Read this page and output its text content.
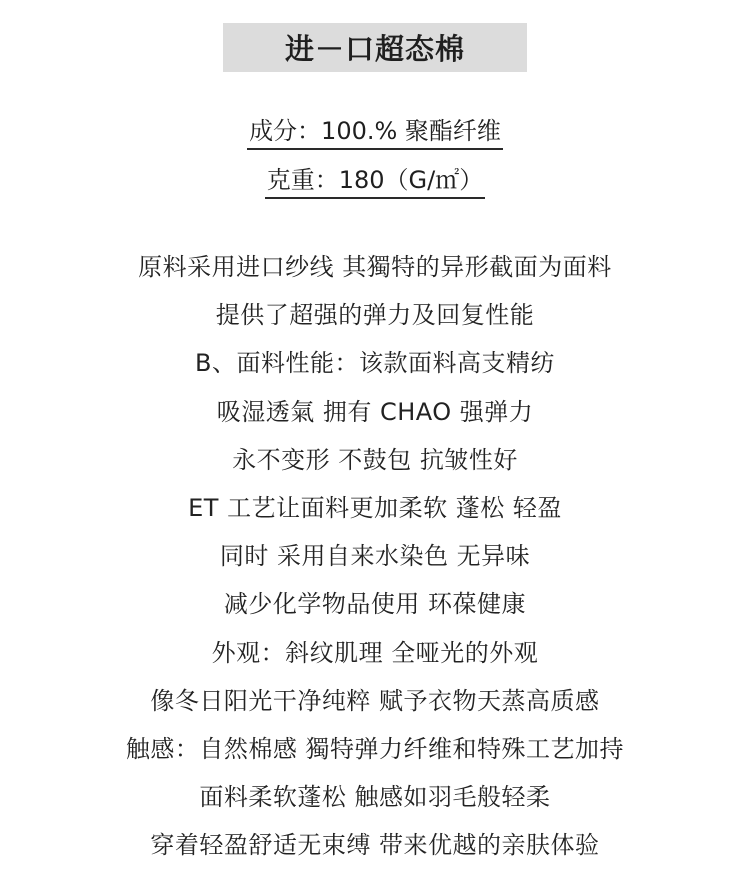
进－口超态棉
成分：100.% 聚酯纤维
克重：180（G/㎡）
原料采用进口纱线 其獨特的异形截面为面料
提供了超强的弹力及回复性能
B、面料性能：该款面料高支精纺
吸湿透氣 拥有 CHAO 强弹力
永不变形 不鼓包 抗皱性好
ET 工艺让面料更加柔软 蓬松 轻盈
同时 采用自来水染色 无异味
减少化学物品使用 环葆健康
外观：斜纹肌理 全哑光的外观
像冬日阳光干净纯粹 赋予衣物天蒸高质感
触感：自然棉感 獨特弹力纤维和特殊工艺加持
面料柔软蓬松 触感如羽毛般轻柔
穿着轻盈舒适无束缚 带来优越的亲肤体验
